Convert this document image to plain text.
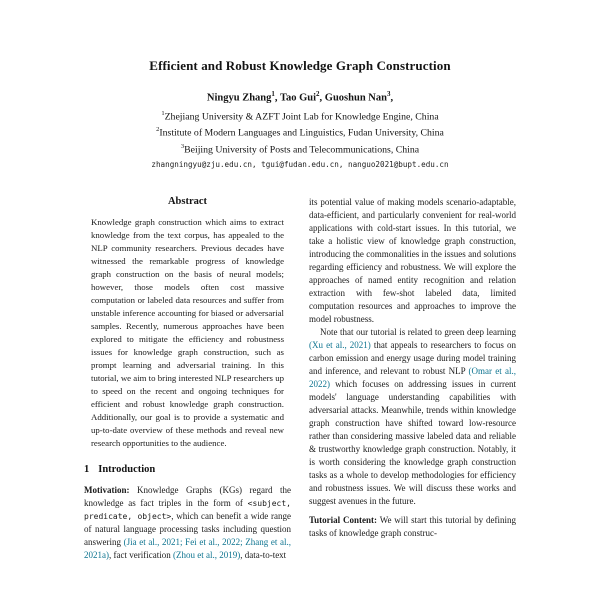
Efficient and Robust Knowledge Graph Construction
Ningyu Zhang$^1$, Tao Gui$^2$, Guoshun Nan$^3$,
$^1$Zhejiang University & AZFT Joint Lab for Knowledge Engine, China
$^2$Institute of Modern Languages and Linguistics, Fudan University, China
$^3$Beijing University of Posts and Telecommunications, China
zhangningyu@zju.edu.cn, tgui@fudan.edu.cn, nanguo2021@bupt.edu.cn
Abstract

Knowledge graph construction which aims to extract knowledge from the text corpus, has appealed to the NLP community researchers. Previous decades have witnessed the remarkable progress of knowledge graph construction on the basis of neural models; however, those models often cost massive computation or labeled data resources and suffer from unstable inference accounting for biased or adversarial samples. Recently, numerous approaches have been explored to mitigate the efficiency and robustness issues for knowledge graph construction, such as prompt learning and adversarial training. In this tutorial, we aim to bring interested NLP researchers up to speed on the recent and ongoing techniques for efficient and robust knowledge graph construction. Additionally, our goal is to provide a systematic and up-to-date overview of these methods and reveal new research opportunities to the audience.

1 Introduction

Motivation: Knowledge Graphs (KGs) regard the knowledge as fact triples in the form of <subject, predicate, object>, which can benefit a wide range of natural language processing tasks including question answering (Jia et al., 2021; Fei et al., 2022; Zhang et al., 2021a), fact verification (Zhou et al., 2019), data-to-text

its potential value of making models scenario-adaptable, data-efficient, and particularly convenient for real-world applications with cold-start issues. In this tutorial, we take a holistic view of knowledge graph construction, introducing the commonalities in the issues and solutions regarding efficiency and robustness. We will explore the approaches of named entity recognition and relation extraction with few-shot labeled data, limited computation resources and approaches to improve the model robustness.

Note that our tutorial is related to green deep learning (Xu et al., 2021) that appeals to researchers to focus on carbon emission and energy usage during model training and inference, and relevant to robust NLP (Omar et al., 2022) which focuses on addressing issues in current models' language understanding capabilities with adversarial attacks. Meanwhile, trends within knowledge graph construction have shifted toward low-resource rather than considering massive labeled data and reliable & trustworthy knowledge graph construction. Notably, it is worth considering the knowledge graph construction tasks as a whole to develop methodologies for efficiency and robustness issues. We will discuss these works and suggest avenues in the future.

Tutorial Content: We will start this tutorial by defining tasks of knowledge graph construc-
